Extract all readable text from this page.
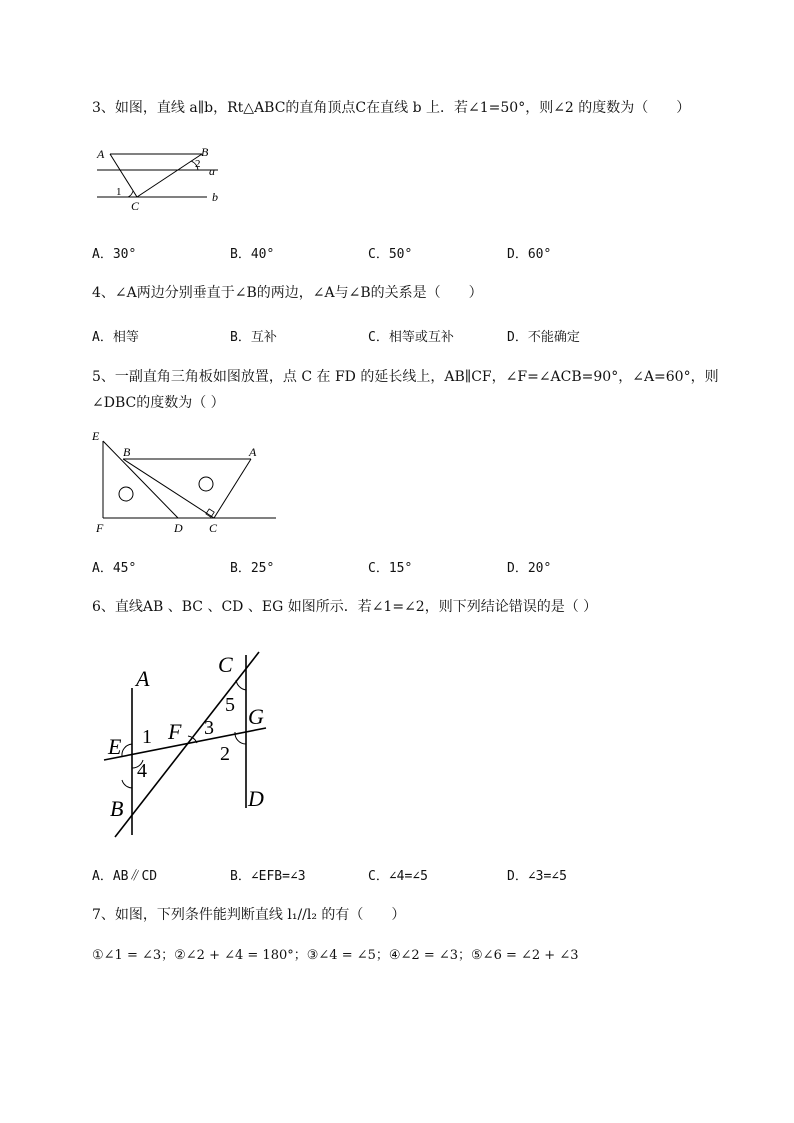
3、如图，直线 a∥b，Rt△ABC的直角顶点C在直线 b 上．若∠1=50°，则∠2 的度数为（　　）
A	B
a
b
C
1
2
A．30°	B．40°	C．50°	D．60°
4、∠A两边分别垂直于∠B的两边，∠A与∠B的关系是（　　）
A．相等	B．互补	C．相等或互补	D．不能确定
5、一副直角三角板如图放置，点 C 在 FD 的延长线上，AB∥CF，∠F=∠ACB=90°，∠A=60°，则
∠DBC的度数为（ ）
E
B	A
F	D C
A．45°	B．25°	C．15°	D．20°
6、直线AB 、BC 、CD 、EG 如图所示．若∠1=∠2，则下列结论错误的是（ ）
A
B
C
D
E
F
G
1
2
3
4
5
A．AB∥CD	B．∠EFB=∠3	C．∠4=∠5	D．∠3=∠5
7、如图，下列条件能判断直线 l₁//l₂ 的有（　　）
①∠1 = ∠3；②∠2 + ∠4 = 180°；③∠4 = ∠5；④∠2 = ∠3；⑤∠6 = ∠2 + ∠3
